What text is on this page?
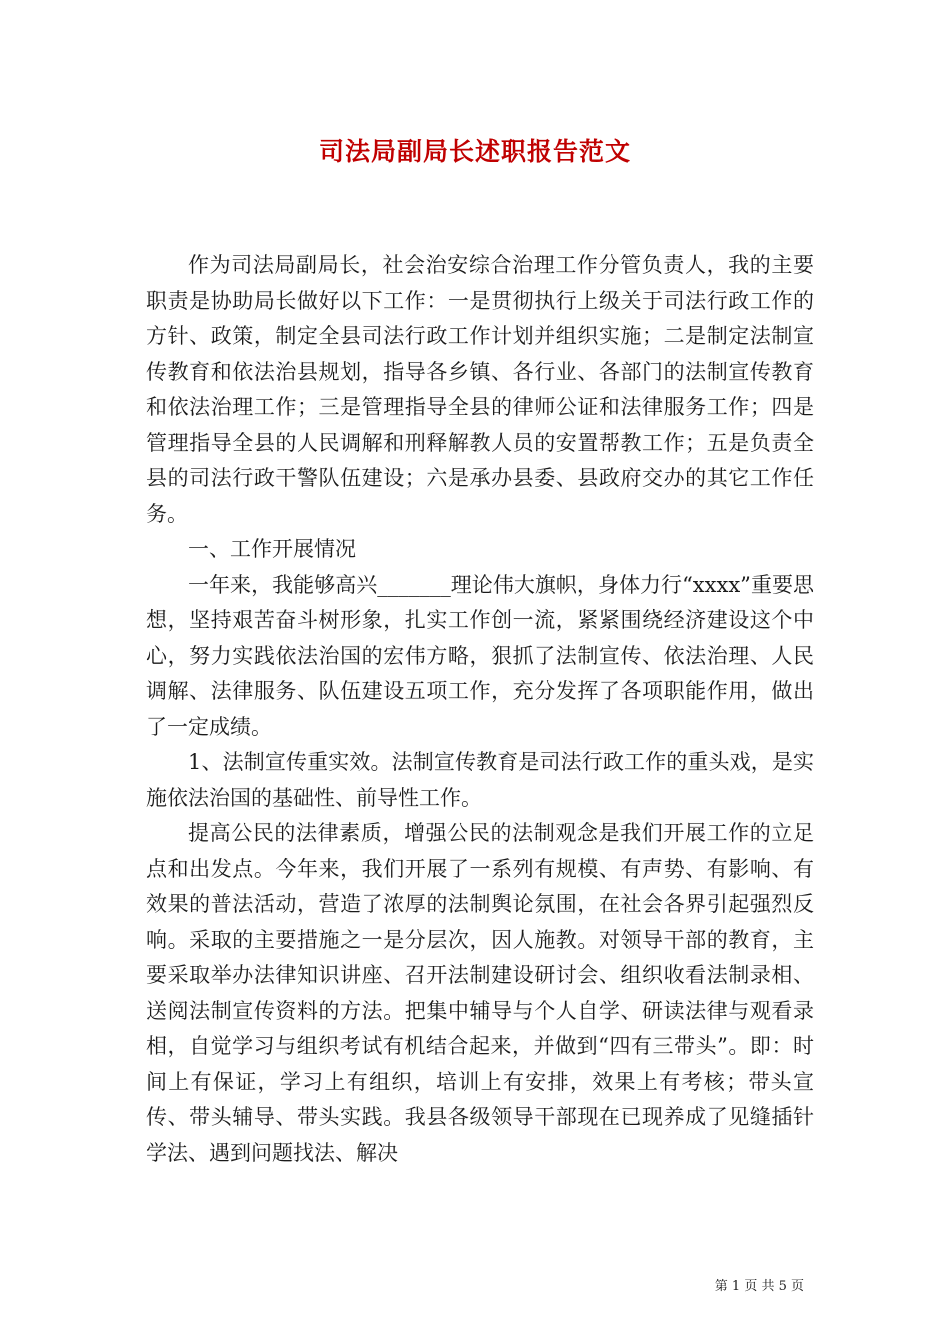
司法局副局长述职报告范文

作为司法局副局长，社会治安综合治理工作分管负责人，我的主要职责是协助局长做好以下工作：一是贯彻执行上级关于司法行政工作的方针、政策，制定全县司法行政工作计划并组织实施；二是制定法制宣传教育和依法治县规划，指导各乡镇、各行业、各部门的法制宣传教育和依法治理工作；三是管理指导全县的律师公证和法律服务工作；四是管理指导全县的人民调解和刑释解教人员的安置帮教工作；五是负责全县的司法行政干警队伍建设；六是承办县委、县政府交办的其它工作任务。

一、工作开展情况

一年来，我能够高兴_______理论伟大旗帜，身体力行“xxxx”重要思想，坚持艰苦奋斗树形象，扎实工作创一流，紧紧围绕经济建设这个中心，努力实践依法治国的宏伟方略，狠抓了法制宣传、依法治理、人民调解、法律服务、队伍建设五项工作，充分发挥了各项职能作用，做出了一定成绩。

1、法制宣传重实效。法制宣传教育是司法行政工作的重头戏，是实施依法治国的基础性、前导性工作。

提高公民的法律素质，增强公民的法制观念是我们开展工作的立足点和出发点。今年来，我们开展了一系列有规模、有声势、有影响、有效果的普法活动，营造了浓厚的法制舆论氛围，在社会各界引起强烈反响。采取的主要措施之一是分层次，因人施教。对领导干部的教育，主要采取举办法律知识讲座、召开法制建设研讨会、组织收看法制录相、送阅法制宣传资料的方法。把集中辅导与个人自学、研读法律与观看录相，自觉学习与组织考试有机结合起来，并做到“四有三带头”。即：时间上有保证，学习上有组织，培训上有安排，效果上有考核；带头宣传、带头辅导、带头实践。我县各级领导干部现在已现养成了见缝插针学法、遇到问题找法、解决

第 1 页 共 5 页
